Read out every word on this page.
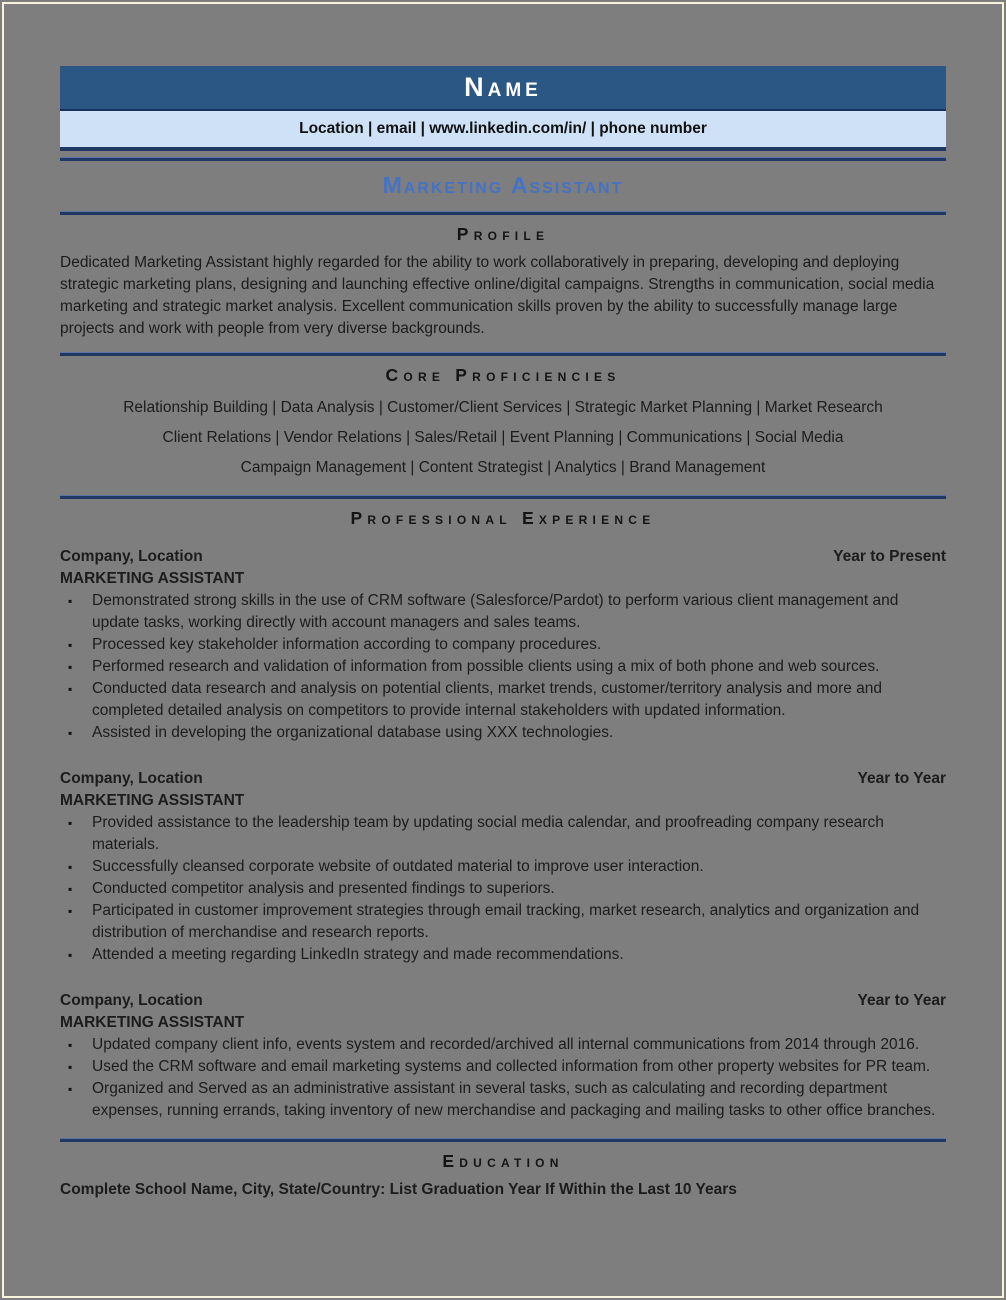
Name
Location | email | www.linkedin.com/in/ | phone number
Marketing Assistant
Profile
Dedicated Marketing Assistant highly regarded for the ability to work collaboratively in preparing, developing and deploying strategic marketing plans, designing and launching effective online/digital campaigns. Strengths in communication, social media marketing and strategic market analysis. Excellent communication skills proven by the ability to successfully manage large projects and work with people from very diverse backgrounds.
Core Proficiencies
Relationship Building | Data Analysis | Customer/Client Services | Strategic Market Planning | Market Research
Client Relations | Vendor Relations | Sales/Retail | Event Planning | Communications | Social Media
Campaign Management | Content Strategist | Analytics | Brand Management
Professional Experience
Company, Location	Year to Present
MARKETING ASSISTANT
▪ Demonstrated strong skills in the use of CRM software (Salesforce/Pardot) to perform various client management and update tasks, working directly with account managers and sales teams.
▪ Processed key stakeholder information according to company procedures.
▪ Performed research and validation of information from possible clients using a mix of both phone and web sources.
▪ Conducted data research and analysis on potential clients, market trends, customer/territory analysis and more and completed detailed analysis on competitors to provide internal stakeholders with updated information.
▪ Assisted in developing the organizational database using XXX technologies.
Company, Location	Year to Year
MARKETING ASSISTANT
▪ Provided assistance to the leadership team by updating social media calendar, and proofreading company research materials.
▪ Successfully cleansed corporate website of outdated material to improve user interaction.
▪ Conducted competitor analysis and presented findings to superiors.
▪ Participated in customer improvement strategies through email tracking, market research, analytics and organization and distribution of merchandise and research reports.
▪ Attended a meeting regarding LinkedIn strategy and made recommendations.
Company, Location	Year to Year
MARKETING ASSISTANT
▪ Updated company client info, events system and recorded/archived all internal communications from 2014 through 2016.
▪ Used the CRM software and email marketing systems and collected information from other property websites for PR team.
▪ Organized and Served as an administrative assistant in several tasks, such as calculating and recording department expenses, running errands, taking inventory of new merchandise and packaging and mailing tasks to other office branches.
Education
Complete School Name, City, State/Country: List Graduation Year If Within the Last 10 Years
